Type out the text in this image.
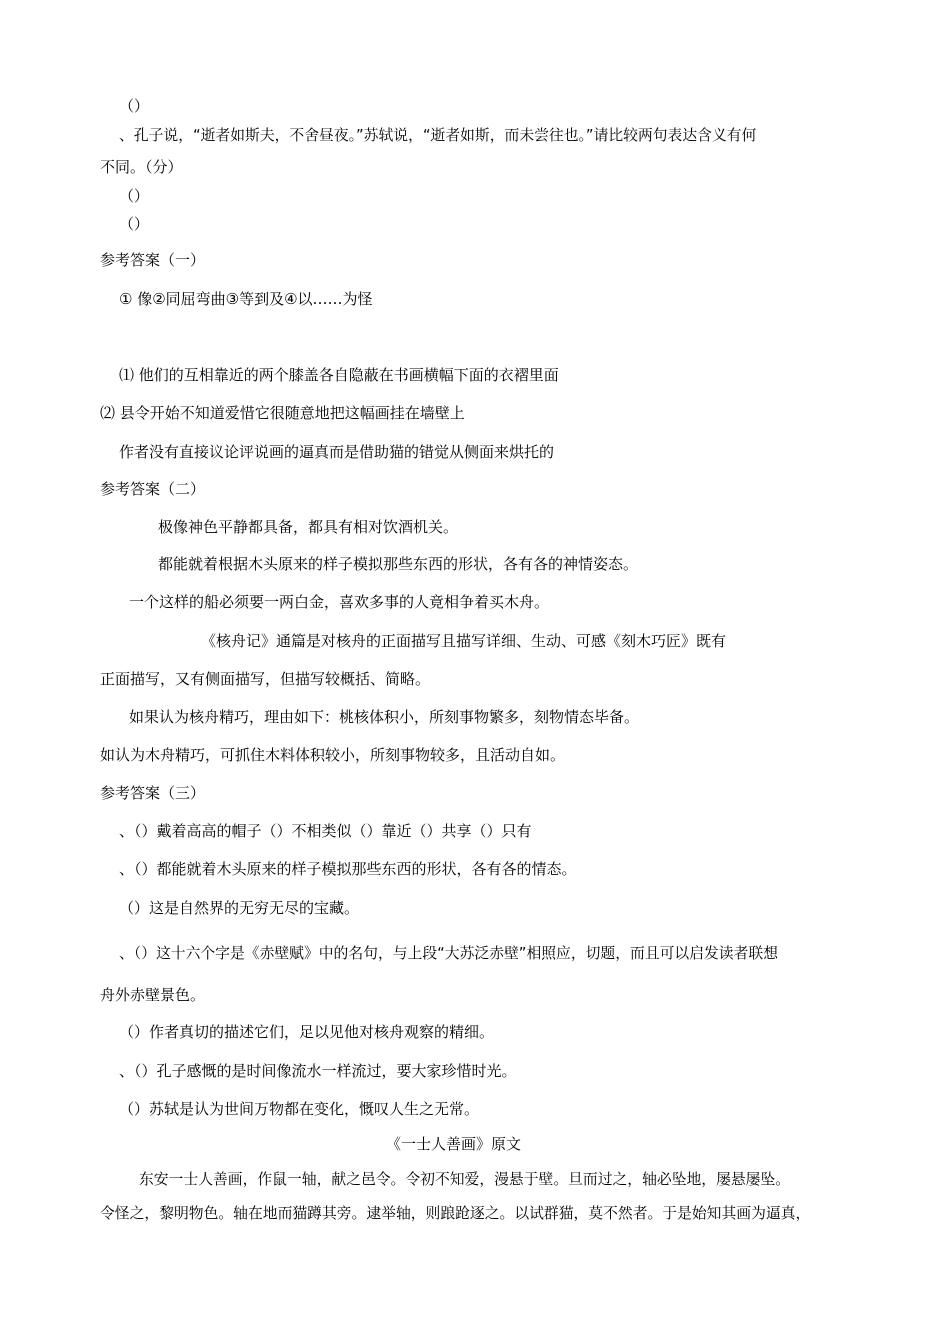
（）
、孔子说，“逝者如斯夫，不舍昼夜。”苏轼说，“逝者如斯，而未尝往也。”请比较两句表达含义有何
不同。（分）
（）
（）
参考答案（一）
① 像②同屈弯曲③等到及④以……为怪
⑴ 他们的互相靠近的两个膝盖各自隐蔽在书画横幅下面的衣褶里面
⑵ 县令开始不知道爱惜它很随意地把这幅画挂在墙壁上
作者没有直接议论评说画的逼真而是借助猫的错觉从侧面来烘托的
参考答案（二）
极像神色平静都具备，都具有相对饮酒机关。
都能就着根据木头原来的样子模拟那些东西的形状，各有各的神情姿态。
一个这样的船必须要一两白金，喜欢多事的人竟相争着买木舟。
《核舟记》通篇是对核舟的正面描写且描写详细、生动、可感《刻木巧匠》既有
正面描写，又有侧面描写，但描写较概括、简略。
如果认为核舟精巧，理由如下：桃核体积小，所刻事物繁多，刻物情态毕备。
如认为木舟精巧，可抓住木料体积较小，所刻事物较多，且活动自如。
参考答案（三）
、（）戴着高高的帽子（）不相类似（）靠近（）共享（）只有
、（）都能就着木头原来的样子模拟那些东西的形状，各有各的情态。
（）这是自然界的无穷无尽的宝藏。
、（）这十六个字是《赤壁赋》中的名句，与上段“大苏泛赤壁”相照应，切题，而且可以启发读者联想
舟外赤壁景色。
（）作者真切的描述它们，足以见他对核舟观察的精细。
、（）孔子感慨的是时间像流水一样流过，要大家珍惜时光。
（）苏轼是认为世间万物都在变化，慨叹人生之无常。
《一士人善画》原文
东安一士人善画，作鼠一轴，献之邑令。令初不知爱，漫悬于壁。旦而过之，轴必坠地，屡悬屡坠。
令怪之，黎明物色。轴在地而猫蹲其旁。逮举轴，则踉跄逐之。以试群猫，莫不然者。于是始知其画为逼真，
